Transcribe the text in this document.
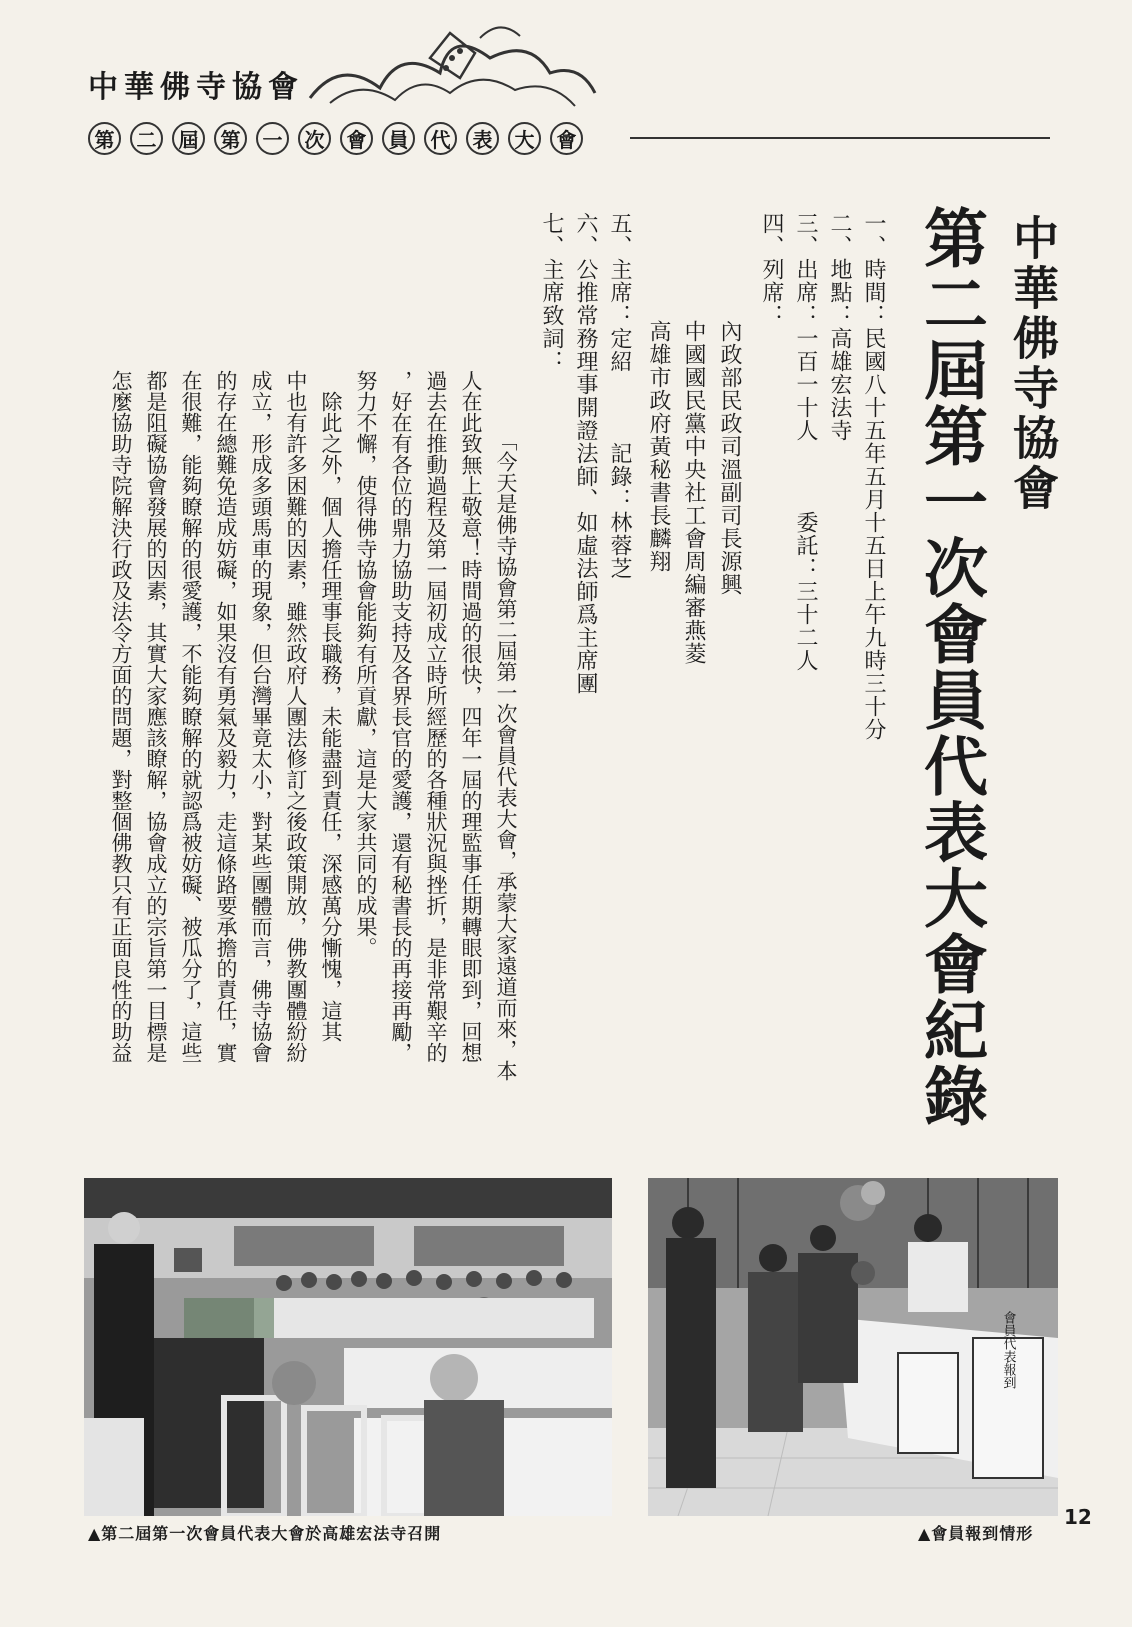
中華佛寺協會
第	二	屆	第	一	次	會	員	代	表	大	會
中華佛寺協會
第二屆第一次會員代表大會紀錄
一、時間：民國八十五年五月十五日上午九時三十分
二、地點：高雄宏法寺
三、出席：一百一十人　　　委託：三十二人
四、列席：
內政部民政司溫副司長源興
中國國民黨中央社工會周編審燕菱
高雄市政府黃秘書長麟翔
五、主席：定紹　　　記錄：林蓉芝
六、公推常務理事開證法師、如虛法師爲主席團
七、主席致詞：
「今天是佛寺協會第二屆第一次會員代表大會，承蒙大家遠道而來，本
人在此致無上敬意！時間過的很快，四年一屆的理監事任期轉眼即到，回想
過去在推動過程及第一屆初成立時所經歷的各種狀況與挫折，是非常艱辛的
，好在有各位的鼎力協助支持及各界長官的愛護，還有秘書長的再接再勵，
努力不懈，使得佛寺協會能夠有所貢獻，這是大家共同的成果。
　除此之外，個人擔任理事長職務，未能盡到責任，深感萬分慚愧，這其
中也有許多困難的因素，雖然政府人團法修訂之後政策開放，佛教團體紛紛
成立，形成多頭馬車的現象，但台灣畢竟太小，對某些團體而言，佛寺協會
的存在總難免造成妨礙，如果沒有勇氣及毅力，走這條路要承擔的責任，實
在很難，能夠瞭解的很愛護，不能夠瞭解的就認爲被妨礙、被瓜分了，這些
都是阻礙協會發展的因素，其實大家應該瞭解，協會成立的宗旨第一目標是
怎麼協助寺院解決行政及法令方面的問題，對整個佛教只有正面良性的助益
▲第二屆第一次會員代表大會於高雄宏法寺召開
會員代表報到
▲會員報到情形
12
